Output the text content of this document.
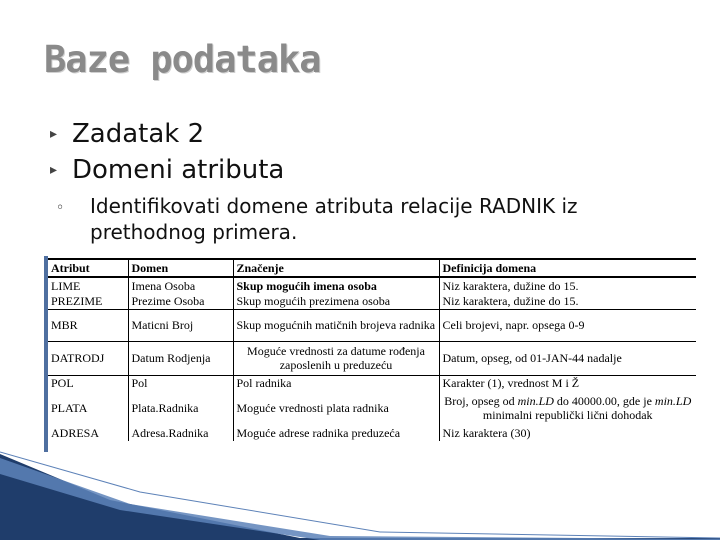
Baze podataka
▸ Zadatak 2
▸ Domeni atributa
◦	Identifikovati domene atributa relacije RADNIK iz prethodnog primera.
Atribut	Domen	Značenje	Definicija domena
LIME	Imena Osoba	Skup mogućih imena osoba	Niz karaktera, dužine do 15.
PREZIME	Prezime Osoba	Skup mogućih prezimena osoba	Niz karaktera, dužine do 15.
MBR	Maticni Broj	Skup mogućnih matičnih brojeva radnika	Celi brojevi, napr. opsega 0-9
DATRODJ	Datum Rodjenja	Moguće vrednosti za datume rođenja zaposlenih u preduzeću	Datum, opseg, od 01-JAN-44 nadalje
POL	Pol	Pol radnika	Karakter (1), vrednost M i Ž
PLATA	Plata.Radnika	Moguće vrednosti plata radnika	Broj, opseg od min.LD do 40000.00, gde je min.LD minimalni republički lični dohodak
ADRESA	Adresa.Radnika	Moguće adrese radnika preduzeća	Niz karaktera (30)
